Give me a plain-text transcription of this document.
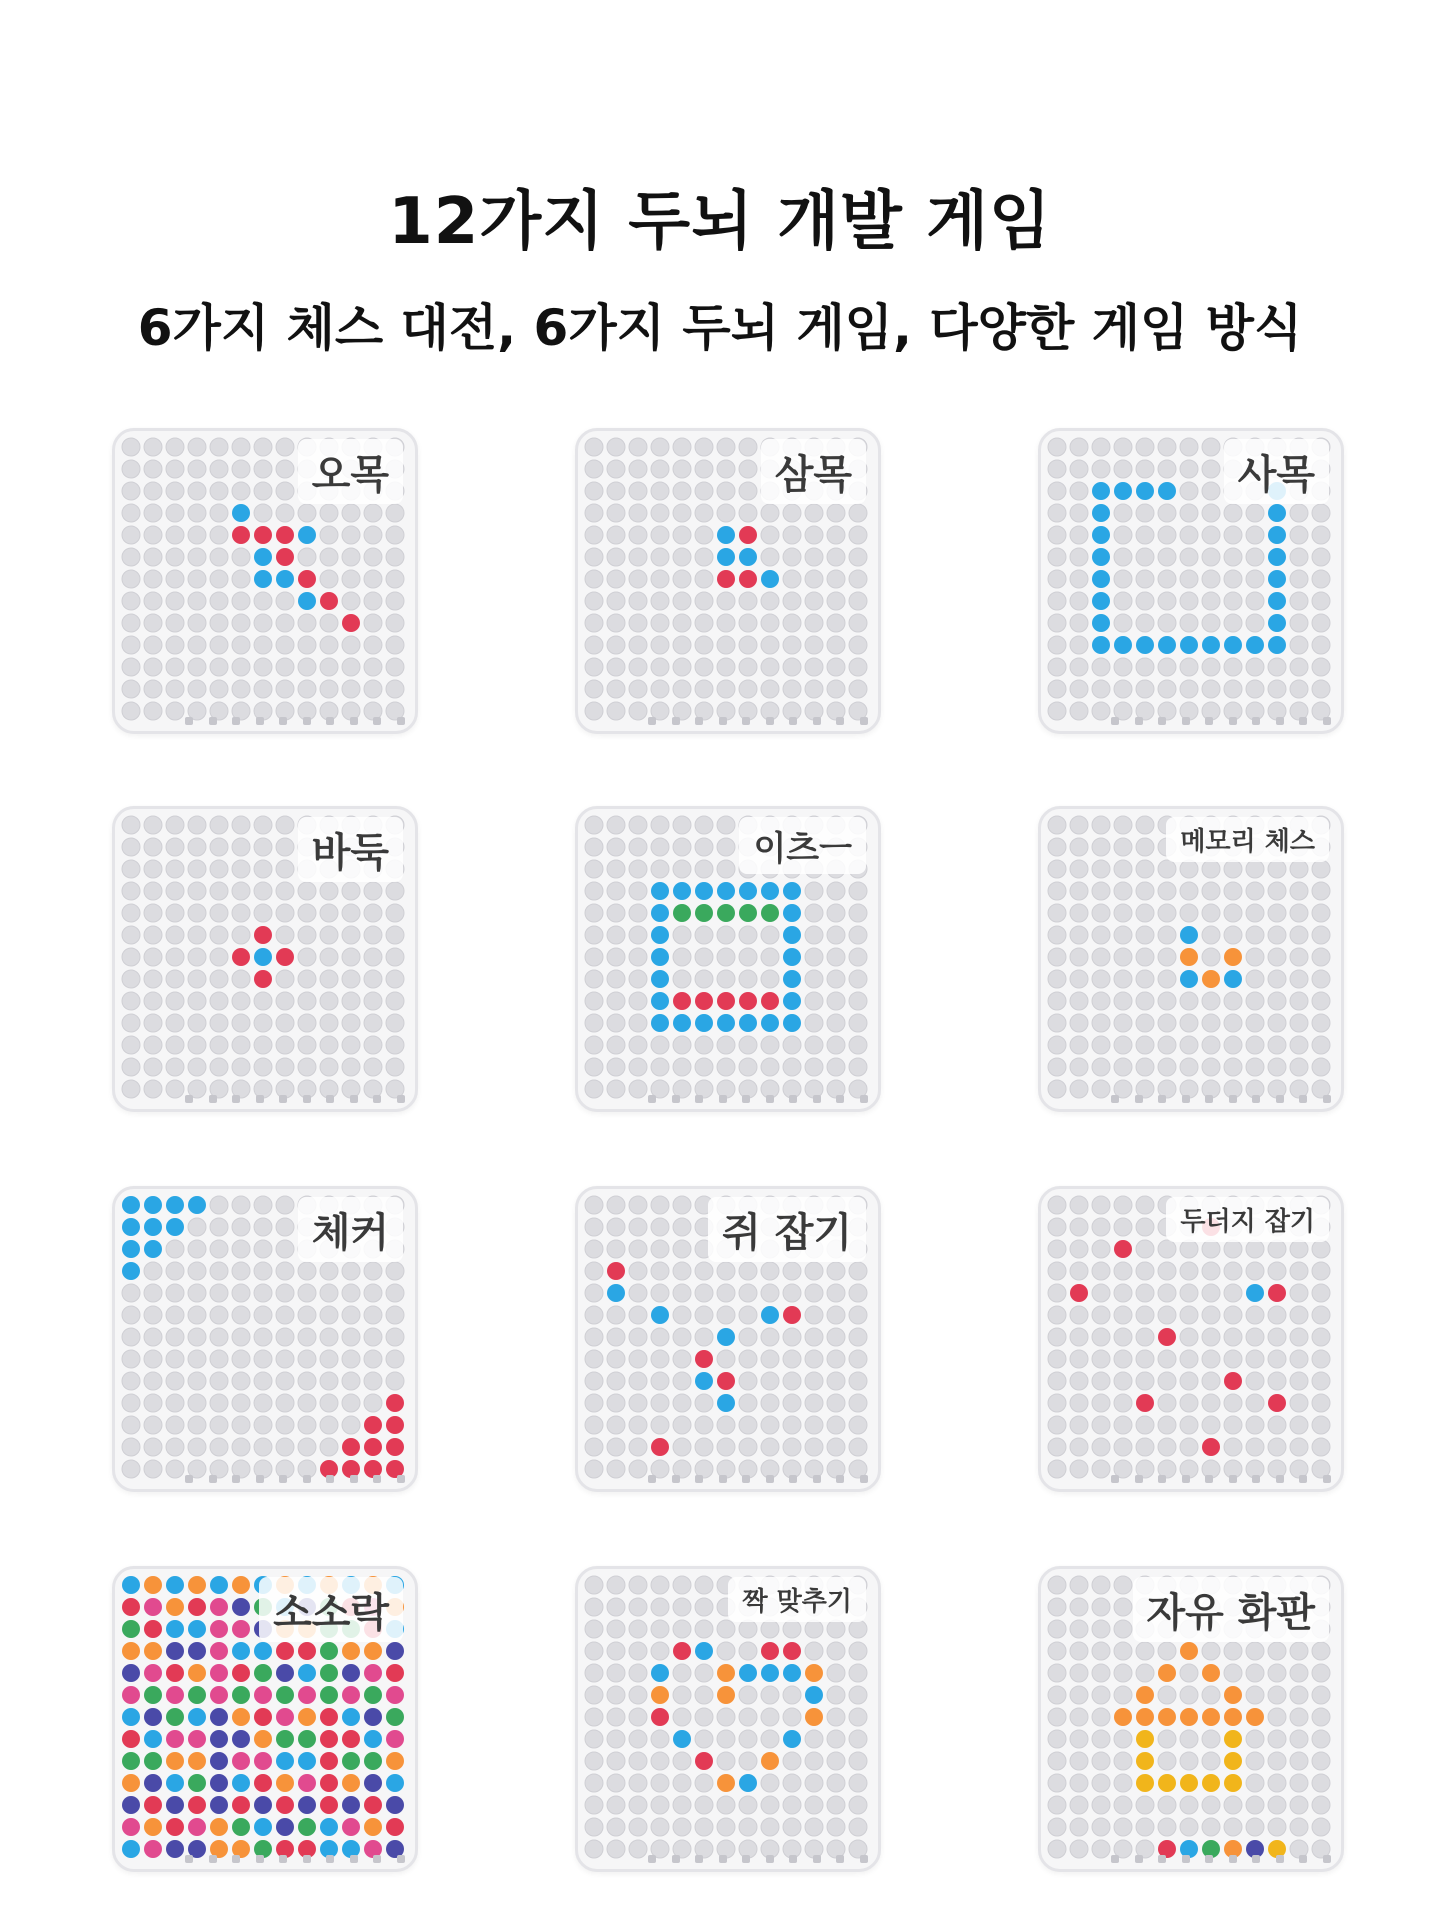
12가지 두뇌 개발 게임
6가지 체스 대전, 6가지 두뇌 게임, 다양한 게임 방식
오목	삼목	사목
바둑	이츠ㅡ	메모리 체스
체커	쥐 잡기	두더지 잡기
소소락	짝 맞추기	자유 화판
